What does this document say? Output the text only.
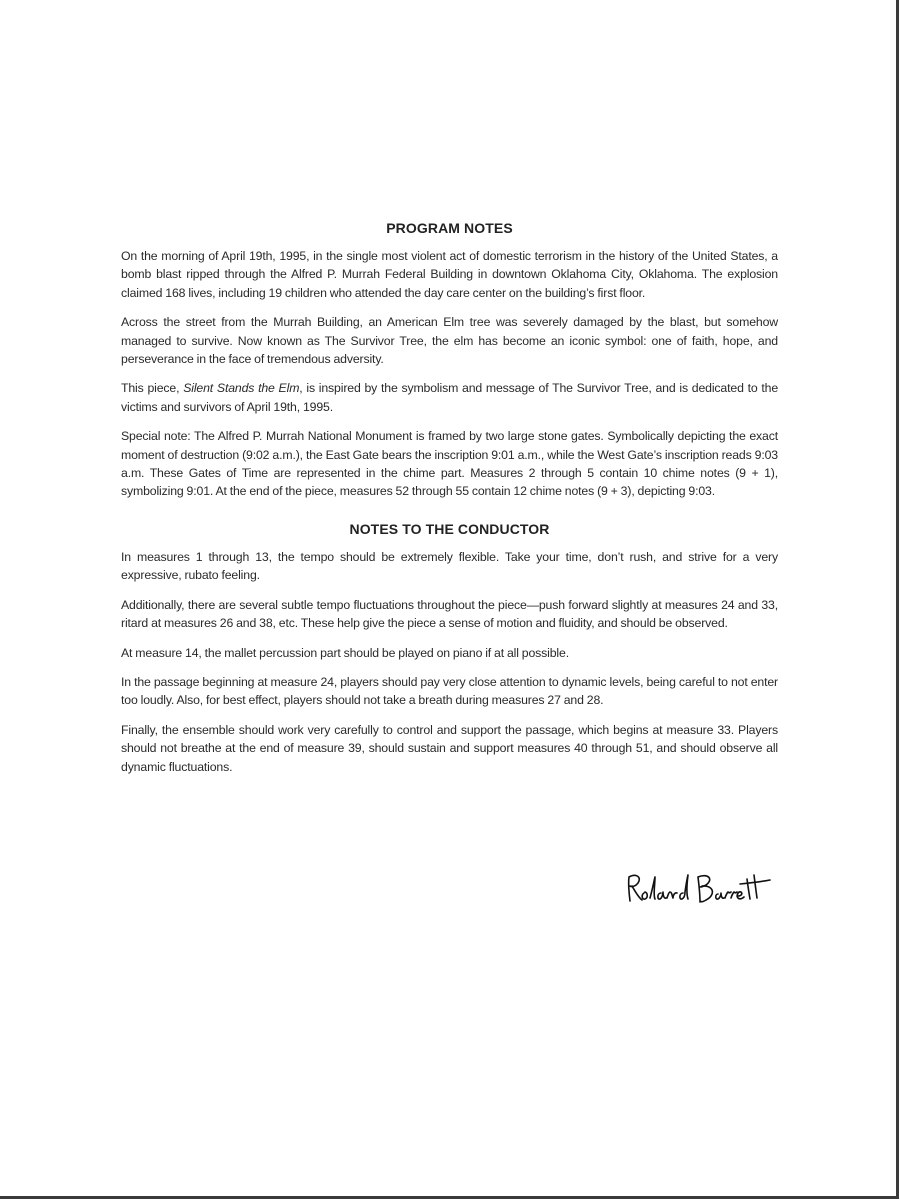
PROGRAM NOTES

On the morning of April 19th, 1995, in the single most violent act of domestic terrorism in the history of the United States, a bomb blast ripped through the Alfred P. Murrah Federal Building in downtown Oklahoma City, Oklahoma. The explosion claimed 168 lives, including 19 children who attended the day care center on the building’s first floor.

Across the street from the Murrah Building, an American Elm tree was severely damaged by the blast, but somehow managed to survive. Now known as The Survivor Tree, the elm has become an iconic symbol: one of faith, hope, and perseverance in the face of tremendous adversity.

This piece, Silent Stands the Elm, is inspired by the symbolism and message of The Survivor Tree, and is dedicated to the victims and survivors of April 19th, 1995.

Special note: The Alfred P. Murrah National Monument is framed by two large stone gates. Symbolically depicting the exact moment of destruction (9:02 a.m.), the East Gate bears the inscription 9:01 a.m., while the West Gate’s inscription reads 9:03 a.m. These Gates of Time are represented in the chime part. Measures 2 through 5 contain 10 chime notes (9 + 1), symbolizing 9:01. At the end of the piece, measures 52 through 55 contain 12 chime notes (9 + 3), depicting 9:03.

NOTES TO THE CONDUCTOR

In measures 1 through 13, the tempo should be extremely flexible. Take your time, don’t rush, and strive for a very expressive, rubato feeling.

Additionally, there are several subtle tempo fluctuations throughout the piece—push forward slightly at measures 24 and 33, ritard at measures 26 and 38, etc. These help give the piece a sense of motion and fluidity, and should be observed.

At measure 14, the mallet percussion part should be played on piano if at all possible.

In the passage beginning at measure 24, players should pay very close attention to dynamic levels, being careful to not enter too loudly. Also, for best effect, players should not take a breath during measures 27 and 28.

Finally, the ensemble should work very carefully to control and support the passage, which begins at measure 33. Players should not breathe at the end of measure 39, should sustain and support measures 40 through 51, and should observe all dynamic fluctuations.
